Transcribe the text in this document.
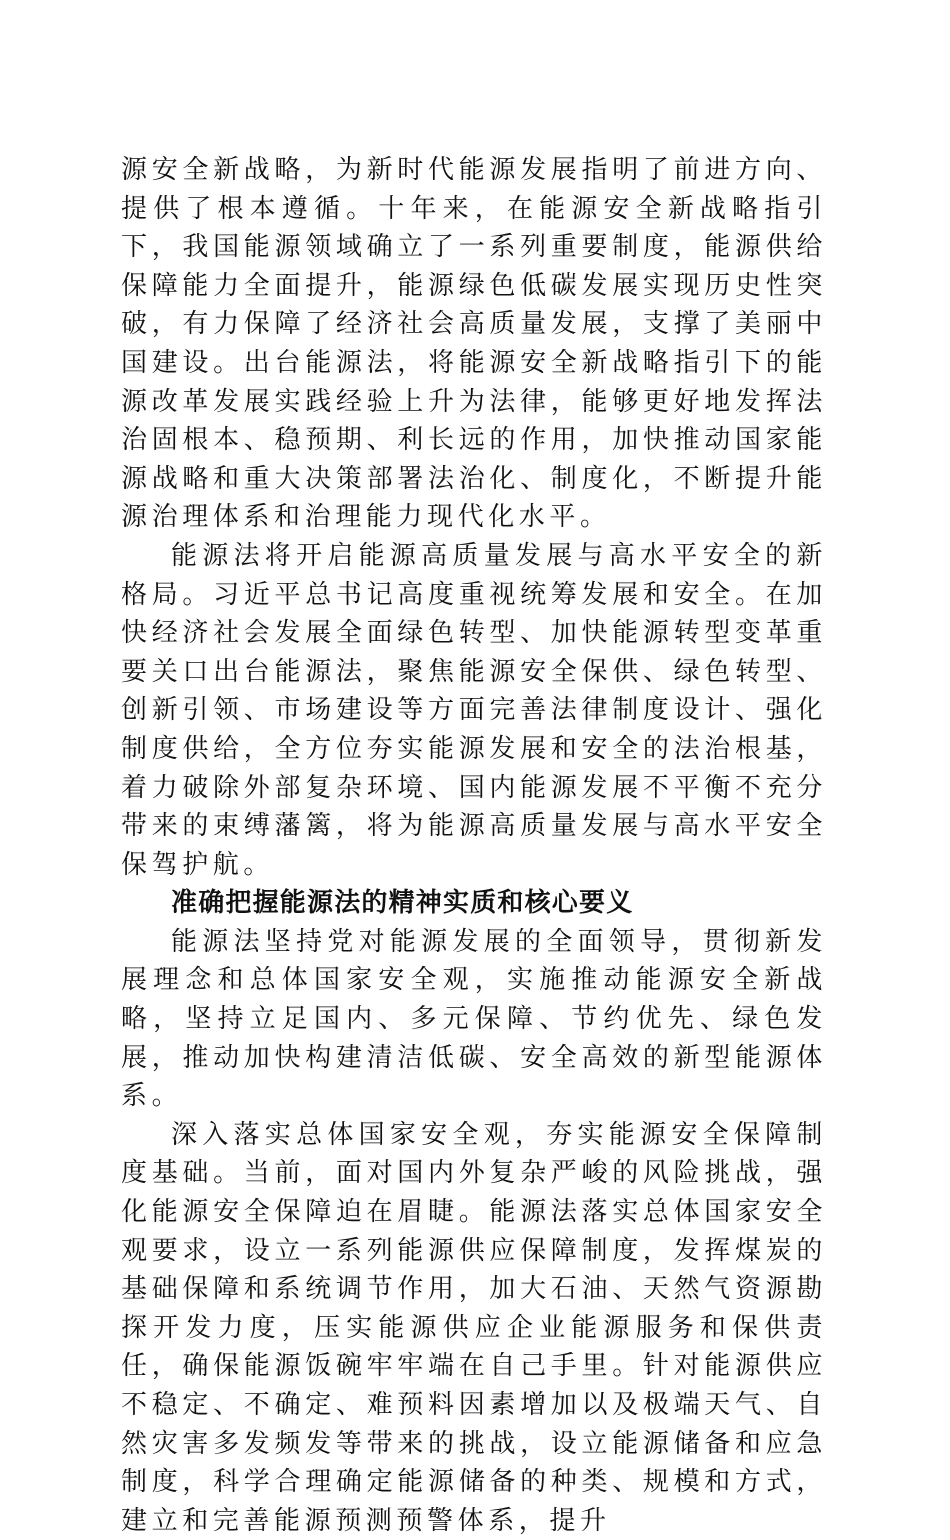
源安全新战略，为新时代能源发展指明了前进方向、提供了根本遵循。十年来，在能源安全新战略指引下，我国能源领域确立了一系列重要制度，能源供给保障能力全面提升，能源绿色低碳发展实现历史性突破，有力保障了经济社会高质量发展，支撑了美丽中国建设。出台能源法，将能源安全新战略指引下的能源改革发展实践经验上升为法律，能够更好地发挥法治固根本、稳预期、利长远的作用，加快推动国家能源战略和重大决策部署法治化、制度化，不断提升能源治理体系和治理能力现代化水平。

能源法将开启能源高质量发展与高水平安全的新格局。习近平总书记高度重视统筹发展和安全。在加快经济社会发展全面绿色转型、加快能源转型变革重要关口出台能源法，聚焦能源安全保供、绿色转型、创新引领、市场建设等方面完善法律制度设计、强化制度供给，全方位夯实能源发展和安全的法治根基，着力破除外部复杂环境、国内能源发展不平衡不充分带来的束缚藩篱，将为能源高质量发展与高水平安全保驾护航。

准确把握能源法的精神实质和核心要义

能源法坚持党对能源发展的全面领导，贯彻新发展理念和总体国家安全观，实施推动能源安全新战略，坚持立足国内、多元保障、节约优先、绿色发展，推动加快构建清洁低碳、安全高效的新型能源体系。

深入落实总体国家安全观，夯实能源安全保障制度基础。当前，面对国内外复杂严峻的风险挑战，强化能源安全保障迫在眉睫。能源法落实总体国家安全观要求，设立一系列能源供应保障制度，发挥煤炭的基础保障和系统调节作用，加大石油、天然气资源勘探开发力度，压实能源供应企业能源服务和保供责任，确保能源饭碗牢牢端在自己手里。针对能源供应不稳定、不确定、难预料因素增加以及极端天气、自然灾害多发频发等带来的挑战，设立能源储备和应急制度，科学合理确定能源储备的种类、规模和方式，建立和完善能源预测预警体系，提升
